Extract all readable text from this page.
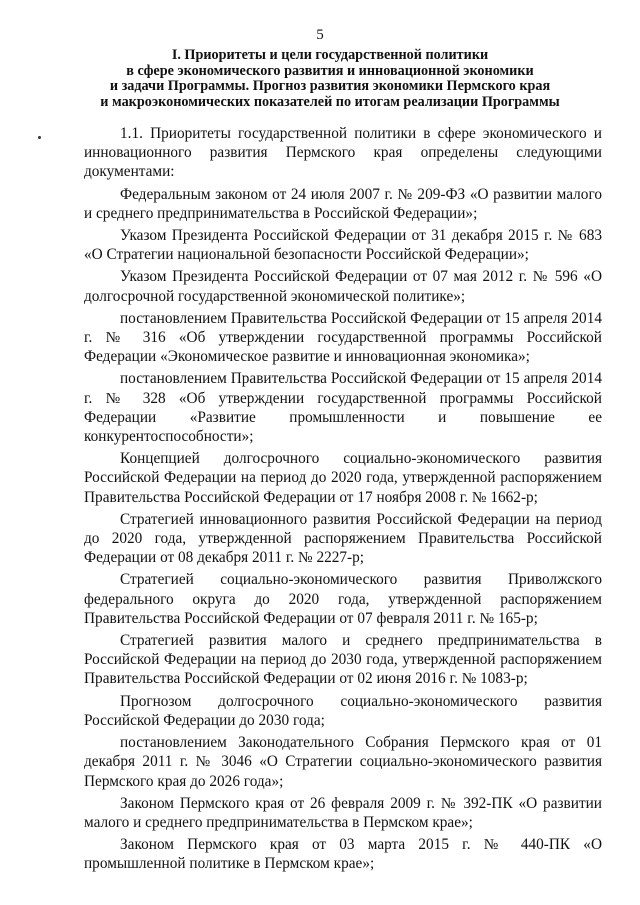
5
I. Приоритеты и цели государственной политики
в сфере экономического развития и инновационной экономики
и задачи Программы. Прогноз развития экономики Пермского края
и макроэкономических показателей по итогам реализации Программы

1.1. Приоритеты государственной политики в сфере экономического и инновационного развития Пермского края определены следующими документами:

Федеральным законом от 24 июля 2007 г. № 209-ФЗ «О развитии малого и среднего предпринимательства в Российской Федерации»;

Указом Президента Российской Федерации от 31 декабря 2015 г. № 683 «О Стратегии национальной безопасности Российской Федерации»;

Указом Президента Российской Федерации от 07 мая 2012 г. № 596 «О долгосрочной государственной экономической политике»;

постановлением Правительства Российской Федерации от 15 апреля 2014 г. № 316 «Об утверждении государственной программы Российской Федерации «Экономическое развитие и инновационная экономика»;

постановлением Правительства Российской Федерации от 15 апреля 2014 г. № 328 «Об утверждении государственной программы Российской Федерации «Развитие промышленности и повышение ее конкурентоспособности»;

Концепцией долгосрочного социально-экономического развития Российской Федерации на период до 2020 года, утвержденной распоряжением Правительства Российской Федерации от 17 ноября 2008 г. № 1662-р;

Стратегией инновационного развития Российской Федерации на период до 2020 года, утвержденной распоряжением Правительства Российской Федерации от 08 декабря 2011 г. № 2227-р;

Стратегией социально-экономического развития Приволжского федерального округа до 2020 года, утвержденной распоряжением Правительства Российской Федерации от 07 февраля 2011 г. № 165-р;

Стратегией развития малого и среднего предпринимательства в Российской Федерации на период до 2030 года, утвержденной распоряжением Правительства Российской Федерации от 02 июня 2016 г. № 1083-р;

Прогнозом долгосрочного социально-экономического развития Российской Федерации до 2030 года;

постановлением Законодательного Собрания Пермского края от 01 декабря 2011 г. № 3046 «О Стратегии социально-экономического развития Пермского края до 2026 года»;

Законом Пермского края от 26 февраля 2009 г. № 392-ПК «О развитии малого и среднего предпринимательства в Пермском крае»;

Законом Пермского края от 03 марта 2015 г. № 440-ПК «О промышленной политике в Пермском крае»;
